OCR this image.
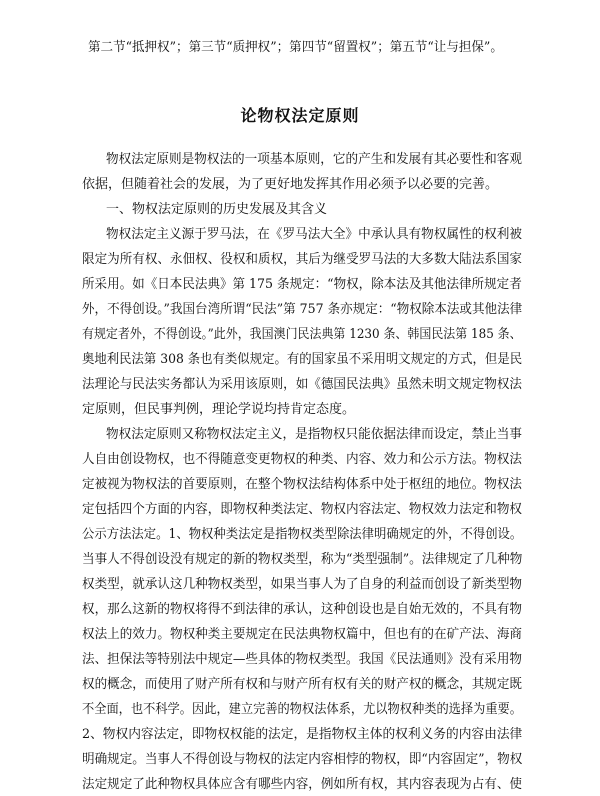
第二节“抵押权”；第三节“质押权”；第四节“留置权”；第五节“让与担保”。
论物权法定原则
物权法定原则是物权法的一项基本原则，它的产生和发展有其必要性和客观
依据，但随着社会的发展，为了更好地发挥其作用必须予以必要的完善。
一、物权法定原则的历史发展及其含义
物权法定主义源于罗马法，在《罗马法大全》中承认具有物权属性的权利被
限定为所有权、永佃权、役权和质权，其后为继受罗马法的大多数大陆法系国家
所采用。如《日本民法典》第 175 条规定：“物权，除本法及其他法律所规定者
外，不得创设。”我国台湾所谓“民法”第 757 条亦规定：“物权除本法或其他法律
有规定者外，不得创设。”此外，我国澳门民法典第 1230 条、韩国民法第 185 条、
奥地利民法第 308 条也有类似规定。有的国家虽不采用明文规定的方式，但是民
法理论与民法实务都认为采用该原则，如《德国民法典》虽然未明文规定物权法
定原则，但民事判例，理论学说均持肯定态度。
物权法定原则又称物权法定主义，是指物权只能依据法律而设定，禁止当事
人自由创设物权，也不得随意变更物权的种类、内容、效力和公示方法。物权法
定被视为物权法的首要原则，在整个物权法结构体系中处于枢纽的地位。物权法
定包括四个方面的内容，即物权种类法定、物权内容法定、物权效力法定和物权
公示方法法定。1、物权种类法定是指物权类型除法律明确规定的外，不得创设。
当事人不得创设没有规定的新的物权类型，称为“类型强制”。法律规定了几种物
权类型，就承认这几种物权类型，如果当事人为了自身的利益而创设了新类型物
权，那么这新的物权将得不到法律的承认，这种创设也是自始无效的，不具有物
权法上的效力。物权种类主要规定在民法典物权篇中，但也有的在矿产法、海商
法、担保法等特别法中规定—些具体的物权类型。我国《民法通则》没有采用物
权的概念，而使用了财产所有权和与财产所有权有关的财产权的概念，其规定既
不全面，也不科学。因此，建立完善的物权法体系，尤以物权种类的选择为重要。
2、物权内容法定，即物权权能的法定，是指物权主体的权利义务的内容由法律
明确规定。当事人不得创设与物权的法定内容相悖的物权，即“内容固定”，物权
法定规定了此种物权具体应含有哪些内容，例如所有权，其内容表现为占有、使
